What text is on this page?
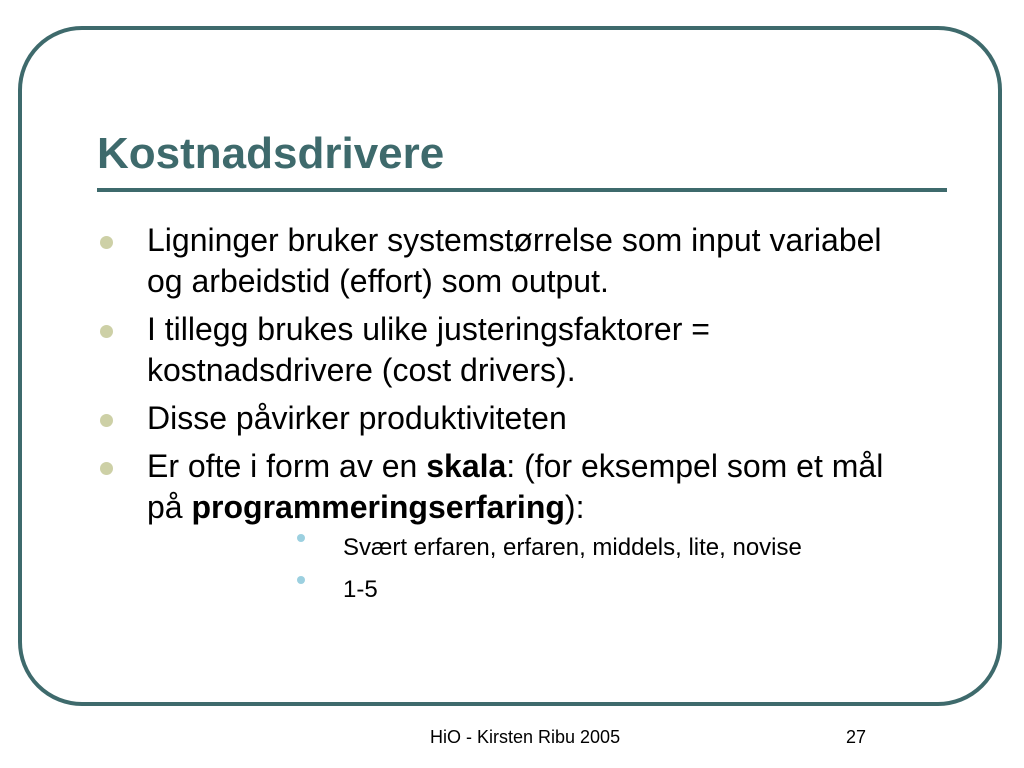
Kostnadsdrivere
Ligninger bruker systemstørrelse som input variabel og arbeidstid (effort) som output.
I tillegg brukes ulike justeringsfaktorer = kostnadsdrivere (cost drivers).
Disse påvirker produktiviteten
Er ofte i form av en skala: (for eksempel som et mål på programmeringserfaring):
Svært erfaren, erfaren, middels, lite, novise
1-5
HiO - Kirsten Ribu 2005	27
